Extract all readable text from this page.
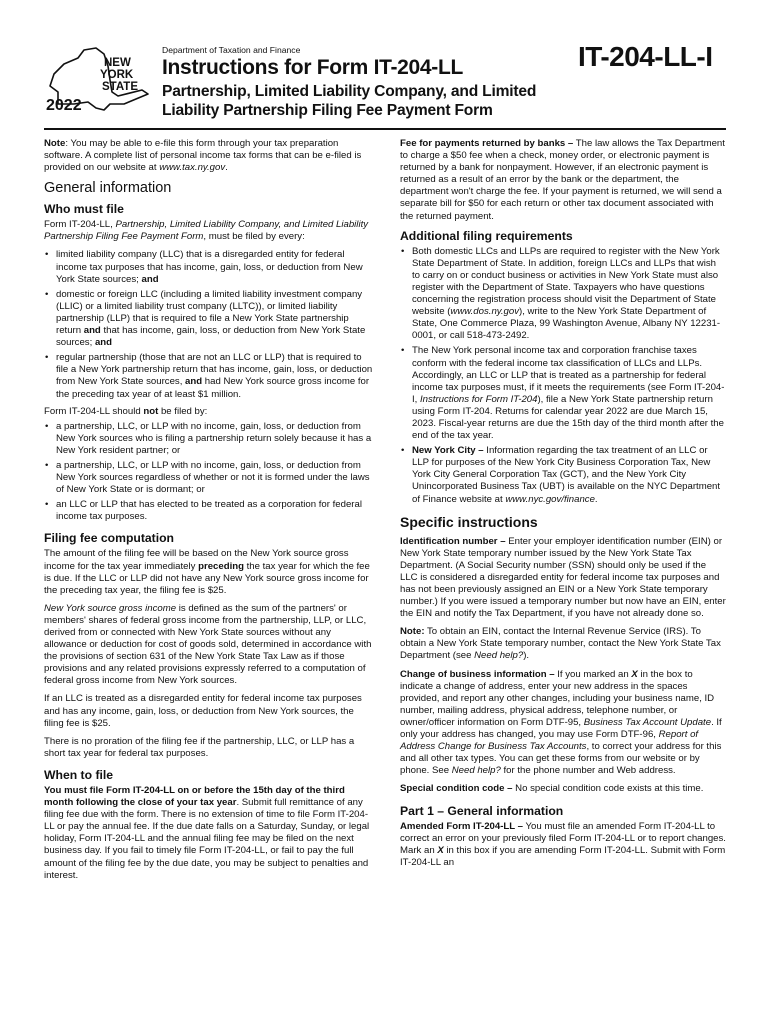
NEW
YORK
STATE
2022
Department of Taxation and Finance
Instructions for Form IT-204-LL
Partnership, Limited Liability Company, and Limited
Liability Partnership Filing Fee Payment Form
IT-204-LL-I

Note: You may be able to e-file this form through your tax preparation software. A complete list of personal income tax forms that can be e-filed is provided on our website at www.tax.ny.gov.

General information
Who must file

Form IT-204-LL, Partnership, Limited Liability Company, and Limited Liability Partnership Filing Fee Payment Form, must be filed by every:

• limited liability company (LLC) that is a disregarded entity for federal income tax purposes that has income, gain, loss, or deduction from New York State sources; and
• domestic or foreign LLC (including a limited liability investment company (LLIC) or a limited liability trust company (LLTC)), or limited liability partnership (LLP) that is required to file a New York State partnership return and that has income, gain, loss, or deduction from New York State sources; and
• regular partnership (those that are not an LLC or LLP) that is required to file a New York partnership return that has income, gain, loss, or deduction from New York State sources, and had New York source gross income for the preceding tax year of at least $1 million.

Form IT-204-LL should not be filed by:

• a partnership, LLC, or LLP with no income, gain, loss, or deduction from New York sources who is filing a partnership return solely because it has a New York resident partner; or
• a partnership, LLC, or LLP with no income, gain, loss, or deduction from New York sources regardless of whether or not it is formed under the laws of New York State or is dormant; or
• an LLC or LLP that has elected to be treated as a corporation for federal income tax purposes.
Filing fee computation

The amount of the filing fee will be based on the New York source gross income for the tax year immediately preceding the tax year for which the fee is due. If the LLC or LLP did not have any New York source gross income for the preceding tax year, the filing fee is $25.

New York source gross income is defined as the sum of the partners' or members' shares of federal gross income from the partnership, LLP, or LLC, derived from or connected with New York State sources without any allowance or deduction for cost of goods sold, determined in accordance with the provisions of section 631 of the New York State Tax Law as if those provisions and any related provisions expressly referred to a computation of federal gross income from New York sources.

If an LLC is treated as a disregarded entity for federal income tax purposes and has any income, gain, loss, or deduction from New York sources, the filing fee is $25.

There is no proration of the filing fee if the partnership, LLC, or LLP has a short tax year for federal tax purposes.

When to file

You must file Form IT-204-LL on or before the 15th day of the third month following the close of your tax year. Submit full remittance of any filing fee due with the form. There is no extension of time to file Form IT-204-LL or pay the annual fee. If the due date falls on a Saturday, Sunday, or legal holiday, Form IT-204-LL and the annual filing fee may be filed on the next business day. If you fail to timely file Form IT-204-LL, or fail to pay the full amount of the filing fee by the due date, you may be subject to penalties and interest.

Fee for payments returned by banks – The law allows the Tax Department to charge a $50 fee when a check, money order, or electronic payment is returned by a bank for nonpayment. However, if an electronic payment is returned as a result of an error by the bank or the department, the department won't charge the fee. If your payment is returned, we will send a separate bill for $50 for each return or other tax document associated with the returned payment.

Additional filing requirements
• Both domestic LLCs and LLPs are required to register with the New York State Department of State. In addition, foreign LLCs and LLPs that wish to carry on or conduct business or activities in New York State must also register with the Department of State. Taxpayers who have questions concerning the registration process should visit the Department of State website (www.dos.ny.gov), write to the New York State Department of State, One Commerce Plaza, 99 Washington Avenue, Albany NY 12231-0001, or call 518-473-2492.
• The New York personal income tax and corporation franchise taxes conform with the federal income tax classification of LLCs and LLPs. Accordingly, an LLC or LLP that is treated as a partnership for federal income tax purposes must, if it meets the requirements (see Form IT-204-I, Instructions for Form IT-204), file a New York State partnership return using Form IT-204. Returns for calendar year 2022 are due March 15, 2023. Fiscal-year returns are due the 15th day of the third month after the end of the tax year.
• New York City – Information regarding the tax treatment of an LLC or LLP for purposes of the New York City Business Corporation Tax, New York City General Corporation Tax (GCT), and the New York City Unincorporated Business Tax (UBT) is available on the NYC Department of Finance website at www.nyc.gov/finance.
Specific instructions

Identification number – Enter your employer identification number (EIN) or New York State temporary number issued by the New York State Tax Department. (A Social Security number (SSN) should only be used if the LLC is considered a disregarded entity for federal income tax purposes and has not been previously assigned an EIN or a New York State temporary number.) If you were issued a temporary number but now have an EIN, enter the EIN and notify the Tax Department, if you have not already done so.

Note: To obtain an EIN, contact the Internal Revenue Service (IRS). To obtain a New York State temporary number, contact the New York State Tax Department (see Need help?).

Change of business information – If you marked an X in the box to indicate a change of address, enter your new address in the spaces provided, and report any other changes, including your business name, ID number, mailing address, physical address, telephone number, or owner/officer information on Form DTF-95, Business Tax Account Update. If only your address has changed, you may use Form DTF-96, Report of Address Change for Business Tax Accounts, to correct your address for this and all other tax types. You can get these forms from our website or by phone. See Need help? for the phone number and Web address.

Special condition code – No special condition code exists at this time.

Part 1 – General information

Amended Form IT-204-LL – You must file an amended Form IT-204-LL to correct an error on your previously filed Form IT-204-LL or to report changes. Mark an X in this box if you are amending Form IT-204-LL. Submit with Form IT-204-LL an
